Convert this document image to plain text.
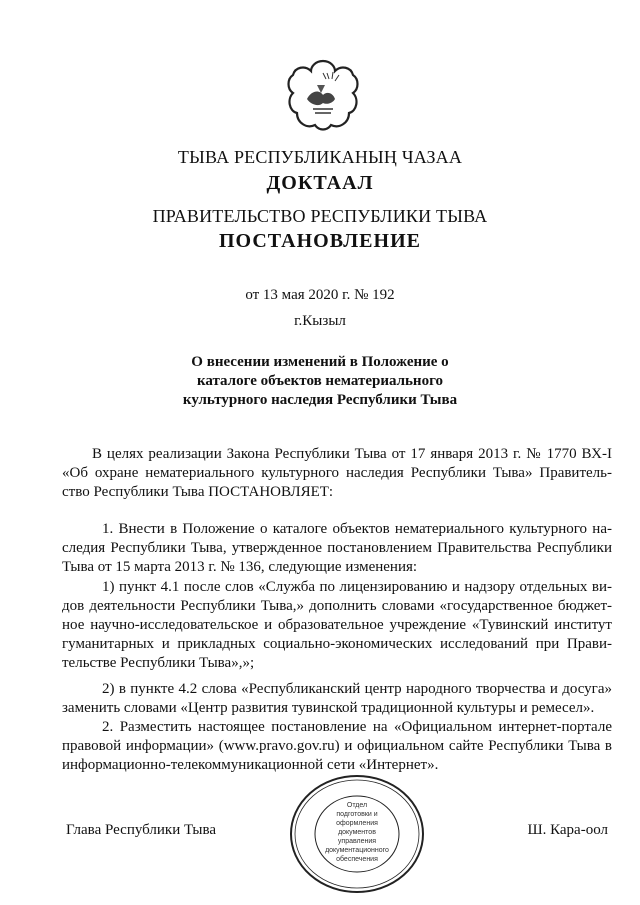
ТЫВА РЕСПУБЛИКАНЫҢ ЧАЗАА
ДОКТААЛ
ПРАВИТЕЛЬСТВО РЕСПУБЛИКИ ТЫВА
ПОСТАНОВЛЕНИЕ
от 13 мая 2020 г. № 192
г.Кызыл
О внесении изменений в Положение о
каталоге объектов нематериального
культурного наследия Республики Тыва
В целях реализации Закона Республики Тыва от 17 января 2013 г. № 1770 ВХ-I
«Об охране нематериального культурного наследия Республики Тыва» Правитель-
ство Республики Тыва ПОСТАНОВЛЯЕТ:
1. Внести в Положение о каталоге объектов нематериального культурного на-
следия Республики Тыва, утвержденное постановлением Правительства Республики
Тыва от 15 марта 2013 г. № 136, следующие изменения:
1) пункт 4.1 после слов «Служба по лицензированию и надзору отдельных ви-
дов деятельности Республики Тыва,» дополнить словами «государственное бюджет-
ное научно-исследовательское и образовательное учреждение «Тувинский институт
гуманитарных и прикладных социально-экономических исследований при Прави-
тельстве Республики Тыва»,»;
2) в пункте 4.2 слова «Республиканский центр народного творчества и досуга»
заменить словами «Центр развития тувинской традиционной культуры и ремесел».
2. Разместить настоящее постановление на «Официальном интернет-портале
правовой информации» (www.pravo.gov.ru) и официальном сайте Республики Тыва в
информационно-телекоммуникационной сети «Интернет».
Отдел
подготовки и
оформления документов
управления
документационного
обеспечения
Глава Республики Тыва	Ш. Кара-оол
